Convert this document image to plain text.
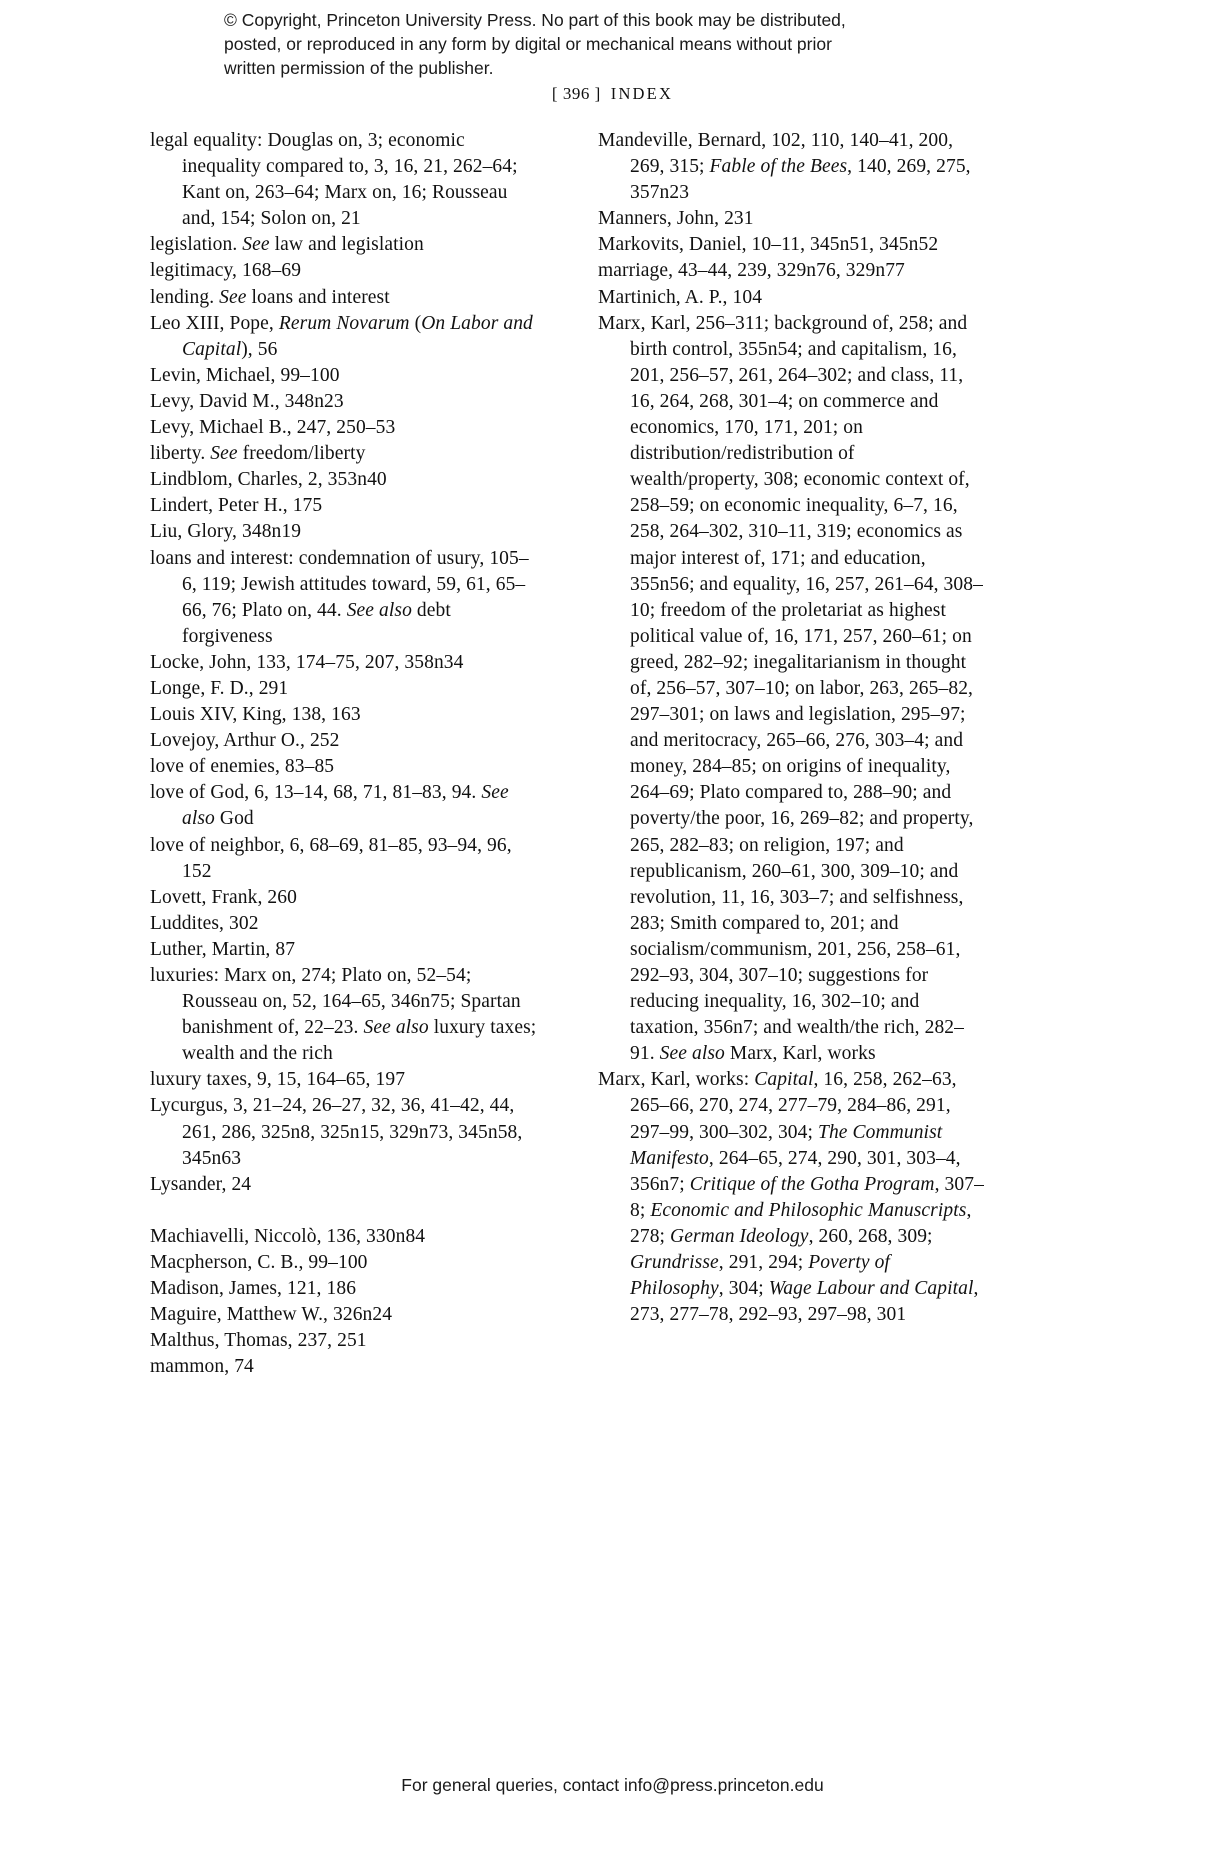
© Copyright, Princeton University Press. No part of this book may be distributed, posted, or reproduced in any form by digital or mechanical means without prior written permission of the publisher.
[ 396 ] INDEX

legal equality: Douglas on, 3; economic inequality compared to, 3, 16, 21, 262–64; Kant on, 263–64; Marx on, 16; Rousseau and, 154; Solon on, 21

legislation. See law and legislation

legitimacy, 168–69

lending. See loans and interest

Leo XIII, Pope, Rerum Novarum (On Labor and Capital), 56

Levin, Michael, 99–100

Levy, David M., 348n23

Levy, Michael B., 247, 250–53

liberty. See freedom/liberty

Lindblom, Charles, 2, 353n40

Lindert, Peter H., 175

Liu, Glory, 348n19

loans and interest: condemnation of usury, 105–6, 119; Jewish attitudes toward, 59, 61, 65–66, 76; Plato on, 44. See also debt forgiveness

Locke, John, 133, 174–75, 207, 358n34

Longe, F. D., 291

Louis XIV, King, 138, 163

Lovejoy, Arthur O., 252

love of enemies, 83–85

love of God, 6, 13–14, 68, 71, 81–83, 94. See also God

love of neighbor, 6, 68–69, 81–85, 93–94, 96, 152

Lovett, Frank, 260

Luddites, 302

Luther, Martin, 87

luxuries: Marx on, 274; Plato on, 52–54; Rousseau on, 52, 164–65, 346n75; Spartan banishment of, 22–23. See also luxury taxes; wealth and the rich

luxury taxes, 9, 15, 164–65, 197

Lycurgus, 3, 21–24, 26–27, 32, 36, 41–42, 44, 261, 286, 325n8, 325n15, 329n73, 345n58, 345n63

Lysander, 24

Machiavelli, Niccolò, 136, 330n84

Macpherson, C. B., 99–100

Madison, James, 121, 186

Maguire, Matthew W., 326n24

Malthus, Thomas, 237, 251

mammon, 74

Mandeville, Bernard, 102, 110, 140–41, 200, 269, 315; Fable of the Bees, 140, 269, 275, 357n23

Manners, John, 231

Markovits, Daniel, 10–11, 345n51, 345n52

marriage, 43–44, 239, 329n76, 329n77

Martinich, A. P., 104

Marx, Karl, 256–311; background of, 258; and birth control, 355n54; and capitalism, 16, 201, 256–57, 261, 264–302; and class, 11, 16, 264, 268, 301–4; on commerce and economics, 170, 171, 201; on distribution/redistribution of wealth/property, 308; economic context of, 258–59; on economic inequality, 6–7, 16, 258, 264–302, 310–11, 319; economics as major interest of, 171; and education, 355n56; and equality, 16, 257, 261–64, 308–10; freedom of the proletariat as highest political value of, 16, 171, 257, 260–61; on greed, 282–92; inegalitarianism in thought of, 256–57, 307–10; on labor, 263, 265–82, 297–301; on laws and legislation, 295–97; and meritocracy, 265–66, 276, 303–4; and money, 284–85; on origins of inequality, 264–69; Plato compared to, 288–90; and poverty/the poor, 16, 269–82; and property, 265, 282–83; on religion, 197; and republicanism, 260–61, 300, 309–10; and revolution, 11, 16, 303–7; and selfishness, 283; Smith compared to, 201; and socialism/communism, 201, 256, 258–61, 292–93, 304, 307–10; suggestions for reducing inequality, 16, 302–10; and taxation, 356n7; and wealth/the rich, 282–91. See also Marx, Karl, works

Marx, Karl, works: Capital, 16, 258, 262–63, 265–66, 270, 274, 277–79, 284–86, 291, 297–99, 300–302, 304; The Communist Manifesto, 264–65, 274, 290, 301, 303–4, 356n7; Critique of the Gotha Program, 307–8; Economic and Philosophic Manuscripts, 278; German Ideology, 260, 268, 309; Grundrisse, 291, 294; Poverty of Philosophy, 304; Wage Labour and Capital, 273, 277–78, 292–93, 297–98, 301

For general queries, contact info@press.princeton.edu
